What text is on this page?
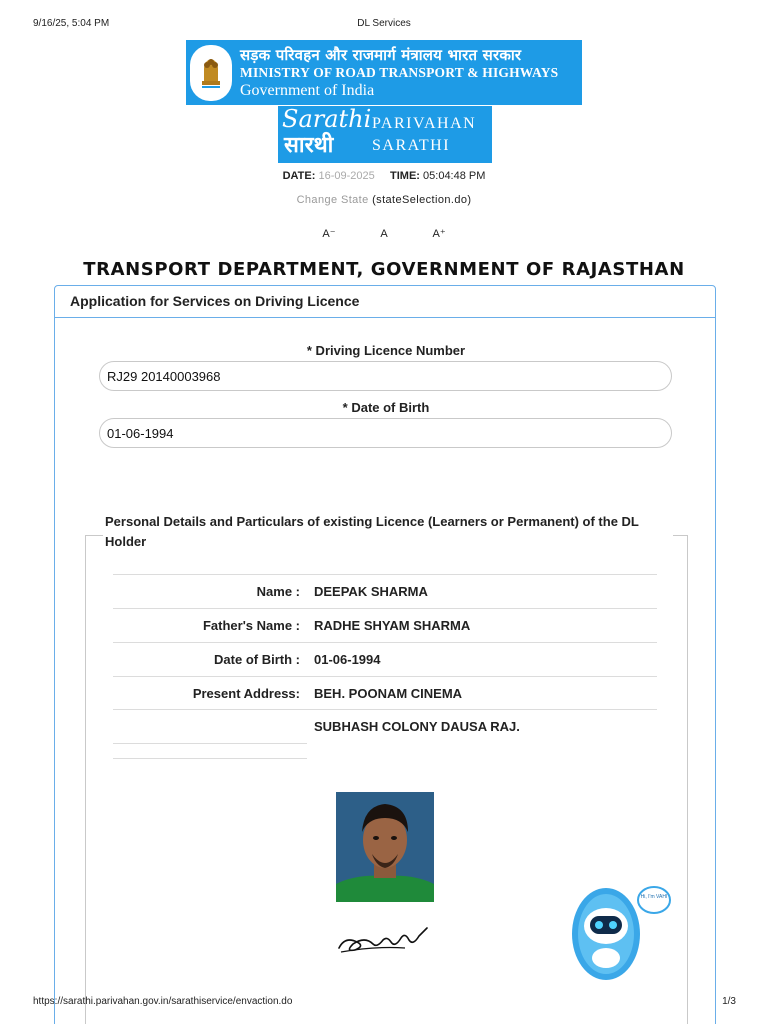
9/16/25, 5:04 PM	DL Services
सड़क परिवहन और राजमार्ग मंत्रालय भारत सरकार
MINISTRY OF ROAD TRANSPORT & HIGHWAYS
Government of India
Sarathi
सारथी
PARIVAHAN
SARATHI
DATE: 16-09-2025 TIME: 05:04:48 PM
Change State (stateSelection.do)
A⁻	A	A⁺
TRANSPORT DEPARTMENT, GOVERNMENT OF RAJASTHAN
Application for Services on Driving Licence
* Driving Licence Number
RJ29 20140003968
* Date of Birth
01-06-1994
Personal Details and Particulars of existing Licence (Learners or Permanent) of the DL Holder
Name : DEEPAK SHARMA
Father's Name : RADHE SHYAM SHARMA
Date of Birth : 01-06-1994
Present Address: BEH. POONAM CINEMA
SUBHASH COLONY DAUSA RAJ.
Hi, I'm VAHI
https://sarathi.parivahan.gov.in/sarathiservice/envaction.do	1/3
